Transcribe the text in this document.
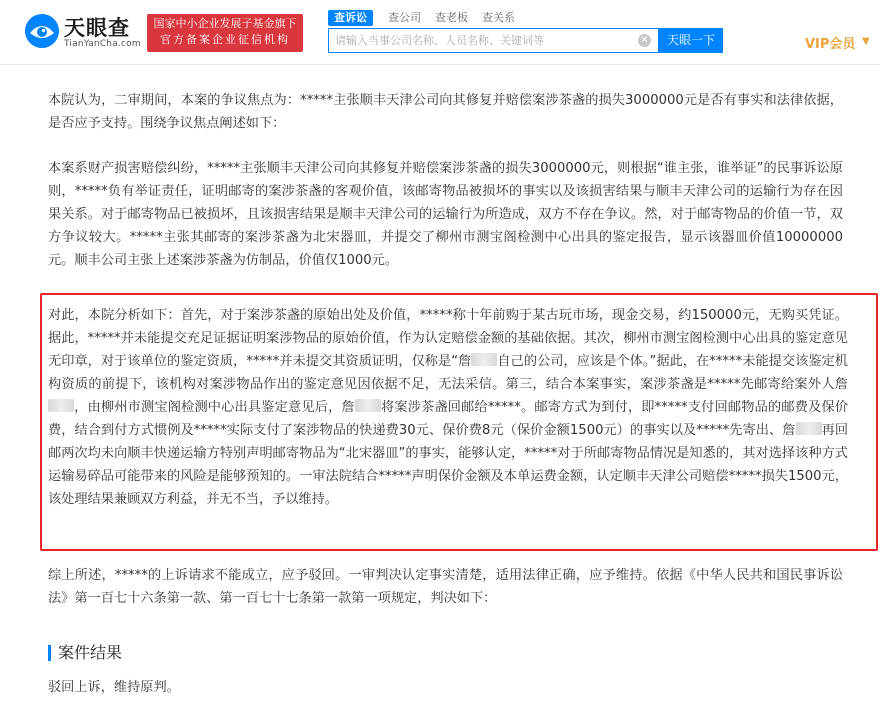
天眼查
TianYanCha.com
国家中小企业发展子基金旗下
官方备案企业征信机构
查诉讼	查公司	查老板	查关系
请输入当事公司名称、人员名称、关键词等
✕	天眼一下	VIP会员 ▼
本院认为，二审期间，本案的争议焦点为：*****主张顺丰天津公司向其修复并赔偿案涉茶盏的损失3000000元是否有事实和法律依据，是否应予支持。围绕争议焦点阐述如下：
本案系财产损害赔偿纠纷，*****主张顺丰天津公司向其修复并赔偿案涉茶盏的损失3000000元，则根据“谁主张，谁举证”的民事诉讼原则，*****负有举证责任，证明邮寄的案涉茶盏的客观价值，该邮寄物品被损坏的事实以及该损害结果与顺丰天津公司的运输行为存在因果关系。对于邮寄物品已被损坏，且该损害结果是顺丰天津公司的运输行为所造成，双方不存在争议。然，对于邮寄物品的价值一节，双方争议较大。*****主张其邮寄的案涉茶盏为北宋器皿，并提交了柳州市测宝阁检测中心出具的鉴定报告，显示该器皿价值10000000元。顺丰公司主张上述案涉茶盏为仿制品，价值仅1000元。
对此，本院分析如下：首先，对于案涉茶盏的原始出处及价值，*****称十年前购于某古玩市场，现金交易，约150000元，无购买凭证。据此，*****并未能提交充足证据证明案涉物品的原始价值，作为认定赔偿金额的基础依据。其次，柳州市测宝阁检测中心出具的鉴定意见无印章，对于该单位的鉴定资质，*****并未提交其资质证明，仅称是“詹 自己的公司，应该是个体。”据此，在*****未能提交该鉴定机构资质的前提下，该机构对案涉物品作出的鉴定意见因依据不足，无法采信。第三，结合本案事实，案涉茶盏是*****先邮寄给案外人詹，由柳州市测宝阁检测中心出具鉴定意见后，詹 将案涉茶盏回邮给*****。邮寄方式为到付，即*****支付回邮物品的邮费及保价费，结合到付方式惯例及*****实际支付了案涉物品的快递费30元、保价费8元（保价金额1500元）的事实以及*****先寄出、詹 再回邮两次均未向顺丰快递运输方特别声明邮寄物品为“北宋器皿”的事实，能够认定，*****对于所邮寄物品情况是知悉的，其对选择该种方式运输易碎品可能带来的风险是能够预知的。一审法院结合*****声明保价金额及本单运费金额，认定顺丰天津公司赔偿*****损失1500元，该处理结果兼顾双方利益，并无不当，予以维持。
综上所述，*****的上诉请求不能成立，应予驳回。一审判决认定事实清楚，适用法律正确，应予维持。依据《中华人民共和国民事诉讼法》第一百七十六条第一款、第一百七十七条第一款第一项规定，判决如下：
案件结果
驳回上诉，维持原判。
